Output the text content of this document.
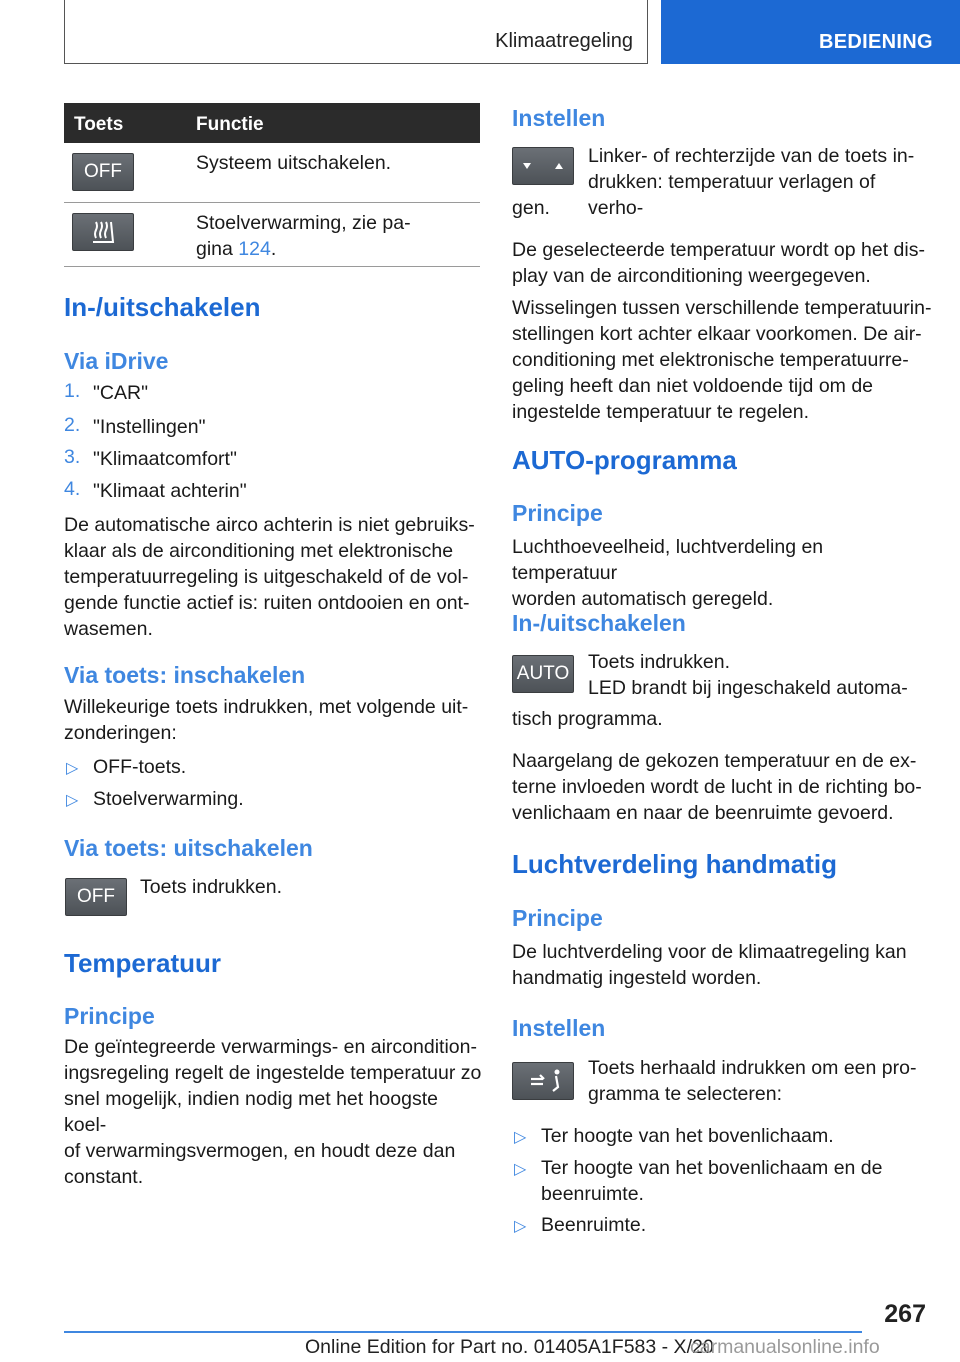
Klimaatregeling	BEDIENING
Toets	Functie
OFF	Systeem uitschakelen.

Stoelverwarming, zie pa-
gina 124.

In-/uitschakelen
Via iDrive
1. "CAR"

2. "Instellingen"

3. "Klimaatcomfort"

4. "Klimaat achterin"

De automatische airco achterin is niet gebruiks-
klaar als de airconditioning met elektronische
temperatuurregeling is uitgeschakeld of de vol-
gende functie actief is: ruiten ontdooien en ont-
wasemen.

Via toets: inschakelen

Willekeurige toets indrukken, met volgende uit-
zonderingen:

▷ OFF-toets.

▷ Stoelverwarming.

Via toets: uitschakelen
OFF	Toets indrukken.

Temperatuur
Principe

De geïntegreerde verwarmings- en aircondition-
ingsregeling regelt de ingestelde temperatuur zo
snel mogelijk, indien nodig met het hoogste koel-
of verwarmingsvermogen, en houdt deze dan
constant.

Instellen

Linker- of rechterzijde van de toets in-
drukken: temperatuur verlagen of verho-

gen.

De geselecteerde temperatuur wordt op het dis-
play van de airconditioning weergegeven.

Wisselingen tussen verschillende temperatuurin-
stellingen kort achter elkaar voorkomen. De air-
conditioning met elektronische temperatuurre-
geling heeft dan niet voldoende tijd om de
ingestelde temperatuur te regelen.

AUTO-programma
Principe

Luchthoeveelheid, luchtverdeling en temperatuur
worden automatisch geregeld.

In-/uitschakelen
AUTO

Toets indrukken.
LED brandt bij ingeschakeld automa-

tisch programma.

Naargelang de gekozen temperatuur en de ex-
terne invloeden wordt de lucht in de richting bo-
venlichaam en naar de beenruimte gevoerd.

Luchtverdeling handmatig
Principe

De luchtverdeling voor de klimaatregeling kan
handmatig ingesteld worden.

Instellen

Toets herhaald indrukken om een pro-
gramma te selecteren:

▷ Ter hoogte van het bovenlichaam.

▷ Ter hoogte van het bovenlichaam en de
beenruimte.

▷ Beenruimte.

267
Online Edition for Part no. 01405A1F583 - X/20
carmanualsonline.info
